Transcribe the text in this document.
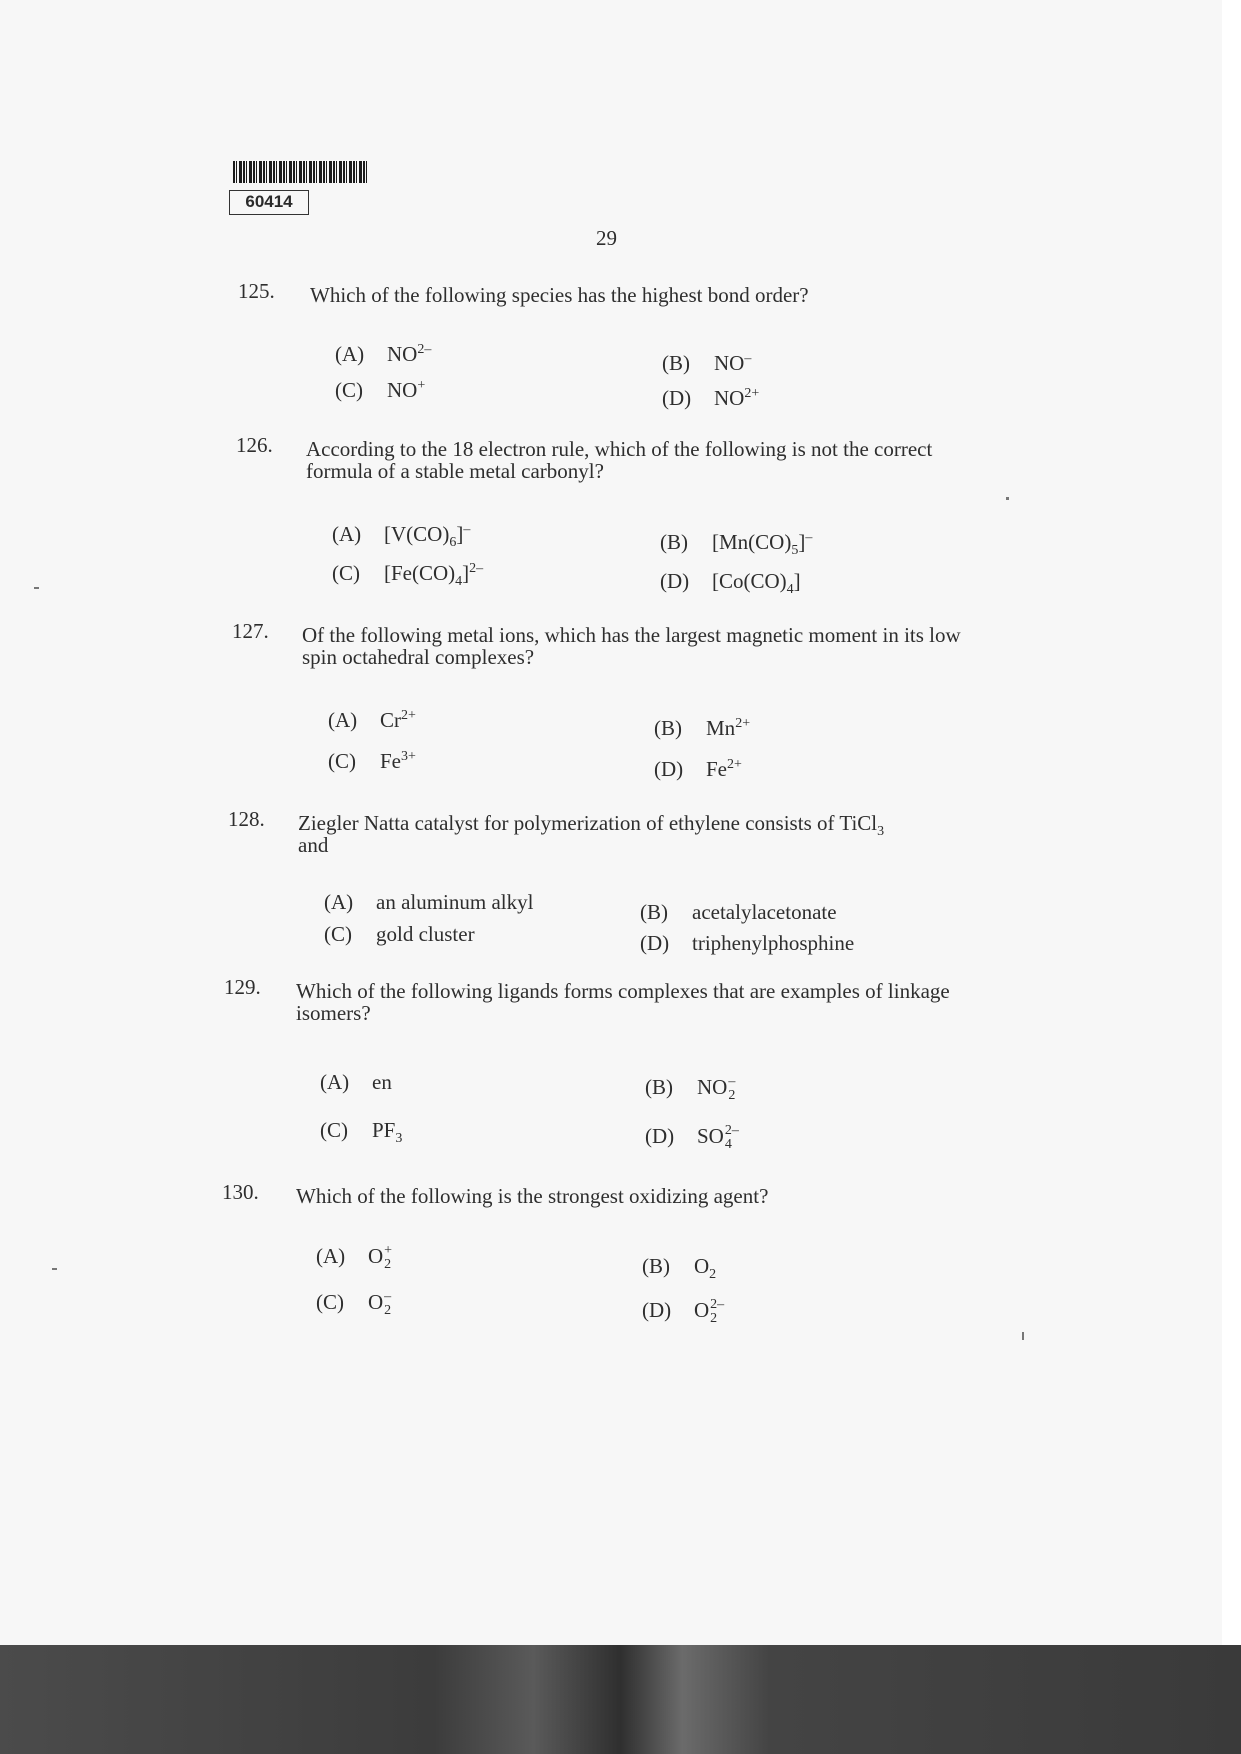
60414
29
125. Which of the following species has the highest bond order?
(A) $NO^{2-}$
(B) NO–
(C) NO+
(D) $NO^{2+}$
126. According to the 18 electron rule, which of the following is not the correct formula of a stable metal carbonyl?
(A) $[V(CO)_6]^-$
(B) $[Mn(CO)_5]^-$
(C) $[Fe(CO)_4]^{2-}$
(D) $[Co(CO)_4]$
127. Of the following metal ions, which has the largest magnetic moment in its low spin octahedral complexes?
(A) $Cr^{2+}$
(B) $Mn^{2+}$
(C) $Fe^{3+}$
(D) $Fe^{2+}$
128. Ziegler Natta catalyst for polymerization of ethylene consists of TiCl$_3$
and
(A) an aluminum alkyl	(B) acetalylacetonate
(C) gold cluster	(D) triphenylphosphine
129. Which of the following ligands forms complexes that are examples of linkage isomers?
(A) en	(B) NO –
2
(C) $PF_3$	(D) SO 2–
4
130. Which of the following is the strongest oxidizing agent?
(A) O +
2	(B) $O_2$
(C) O –
2	(D) O 2–
2
